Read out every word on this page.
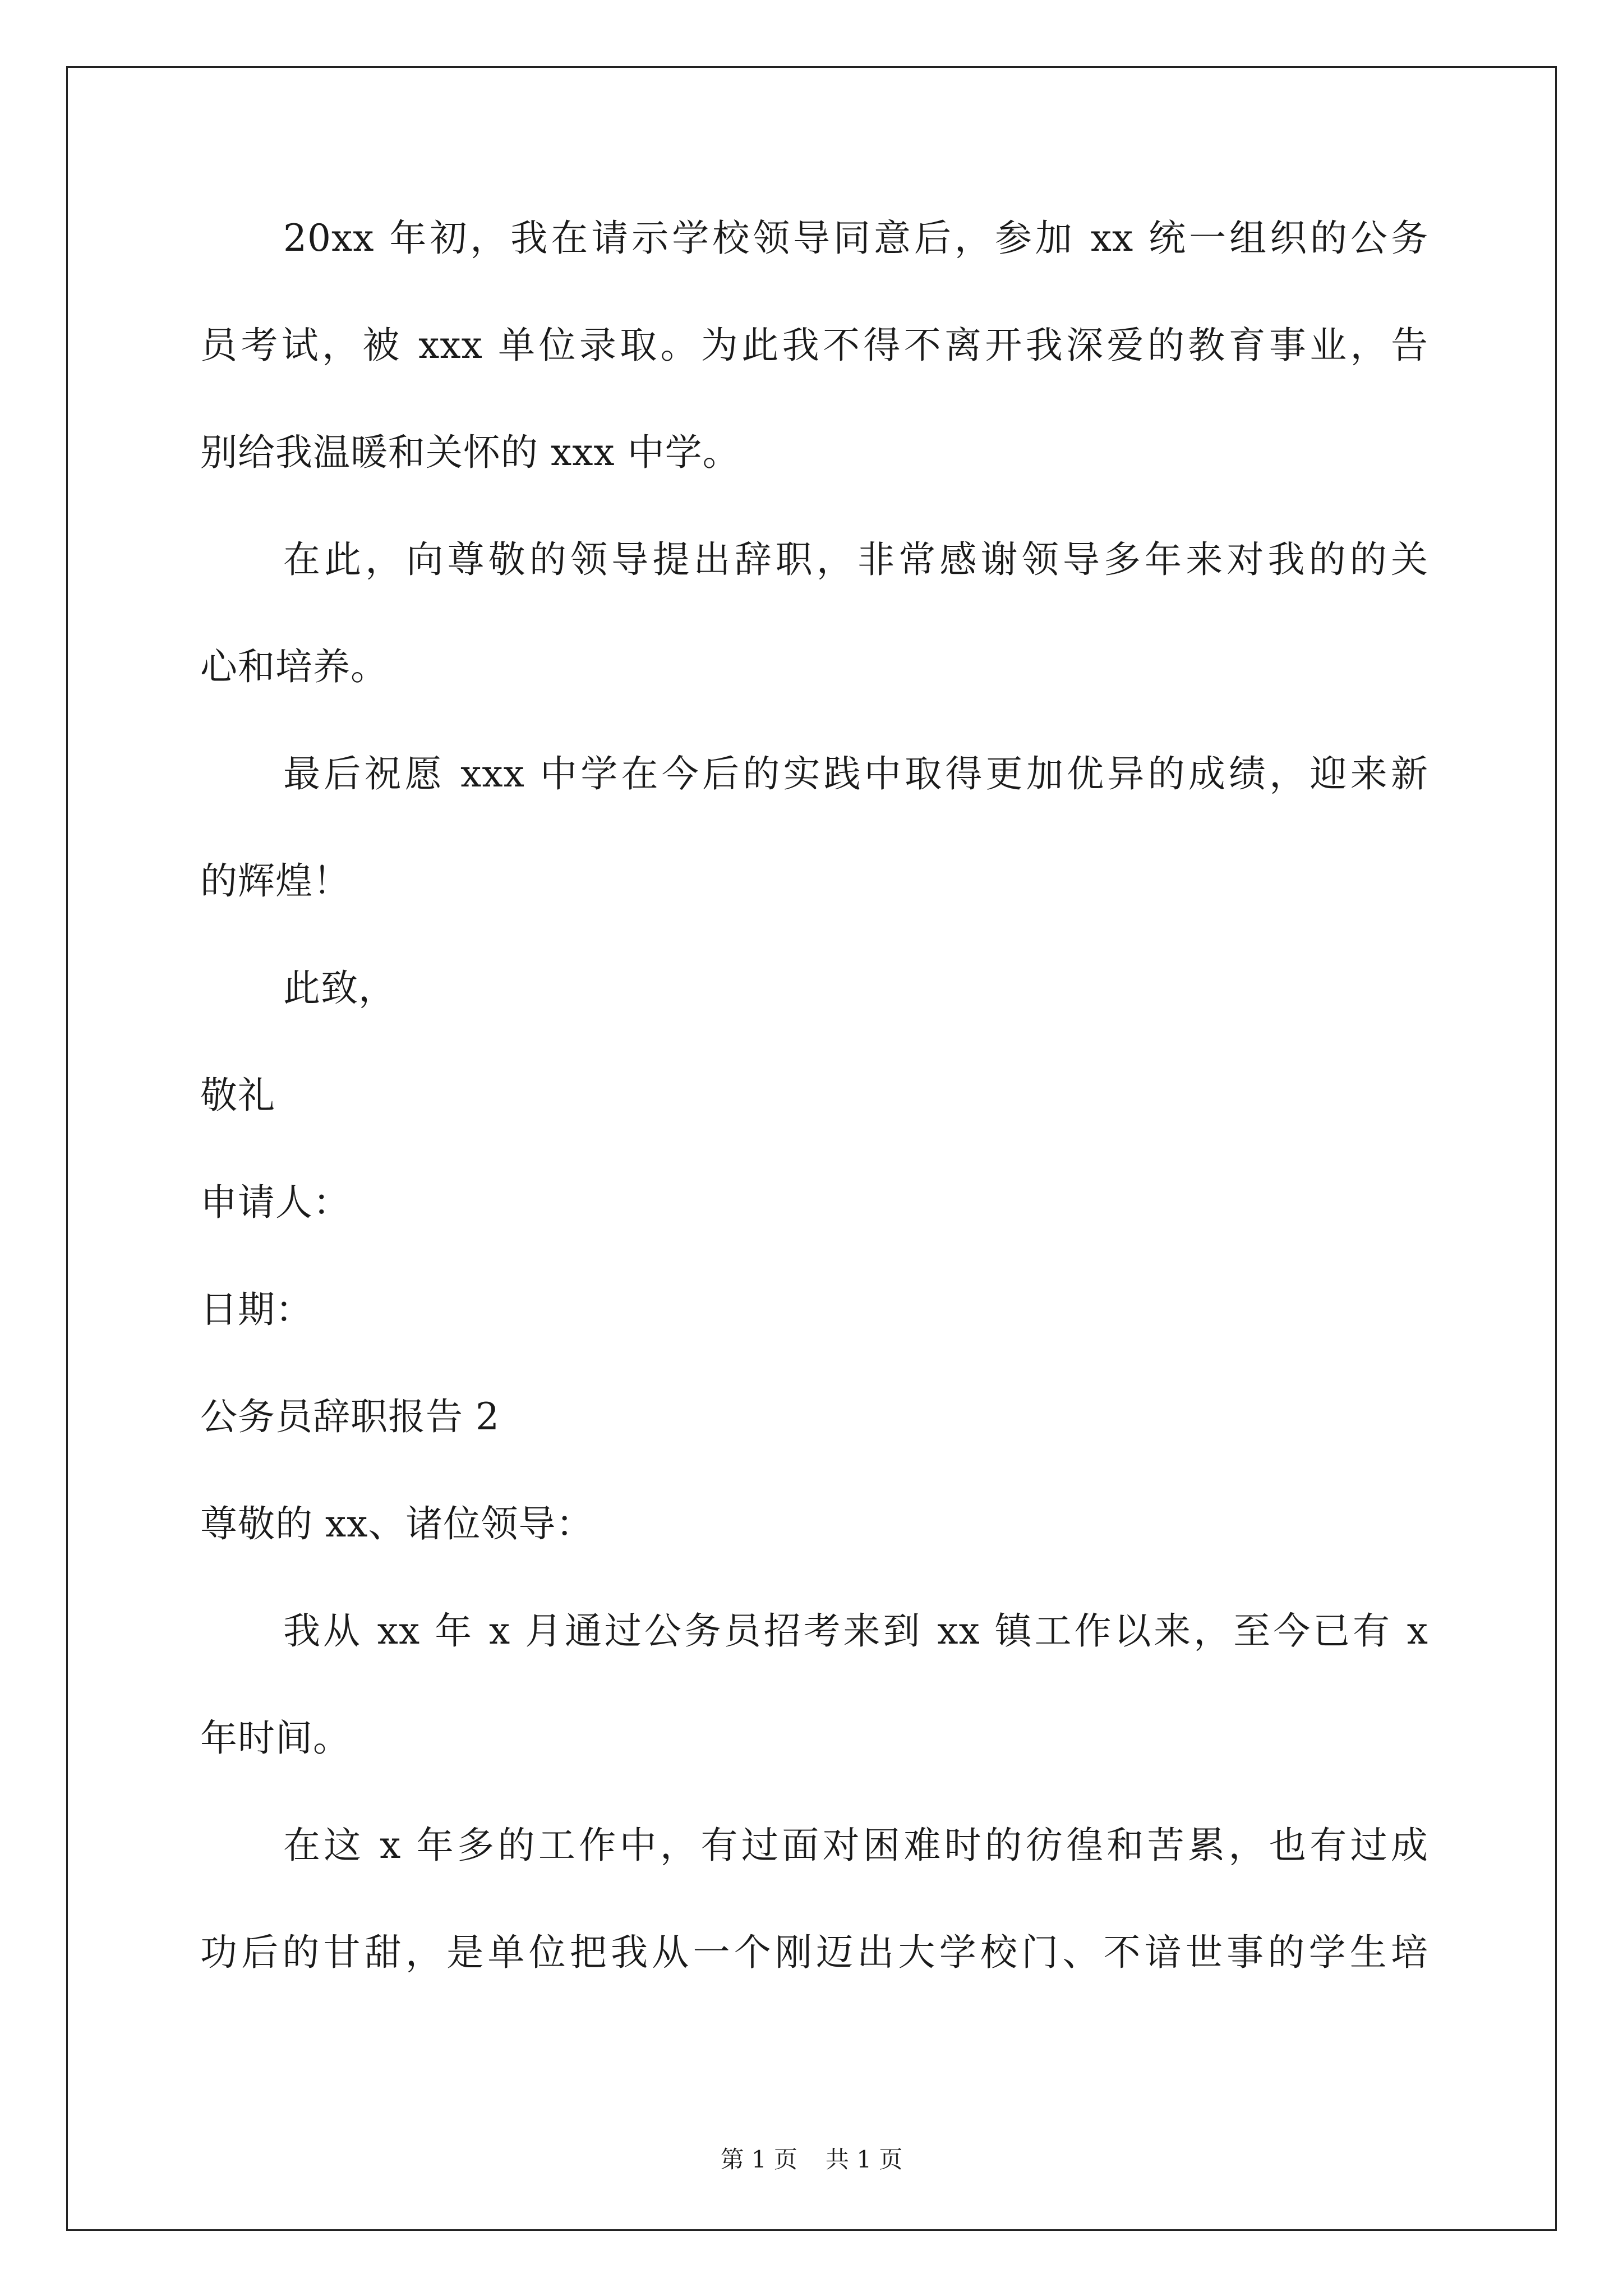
20xx 年初，我在请示学校领导同意后，参加 xx 统一组织的公务
员考试，被 xxx 单位录取。为此我不得不离开我深爱的教育事业，告
别给我温暖和关怀的 xxx 中学。
在此，向尊敬的领导提出辞职，非常感谢领导多年来对我的的关
心和培养。
最后祝愿 xxx 中学在今后的实践中取得更加优异的成绩，迎来新
的辉煌！
此致，
敬礼
申请人：
日期：
公务员辞职报告 2
尊敬的 xx、诸位领导：
我从 xx 年 x 月通过公务员招考来到 xx 镇工作以来，至今已有 x
年时间。
在这 x 年多的工作中，有过面对困难时的彷徨和苦累，也有过成
功后的甘甜，是单位把我从一个刚迈出大学校门、不谙世事的学生培
第 1 页 共 1 页
